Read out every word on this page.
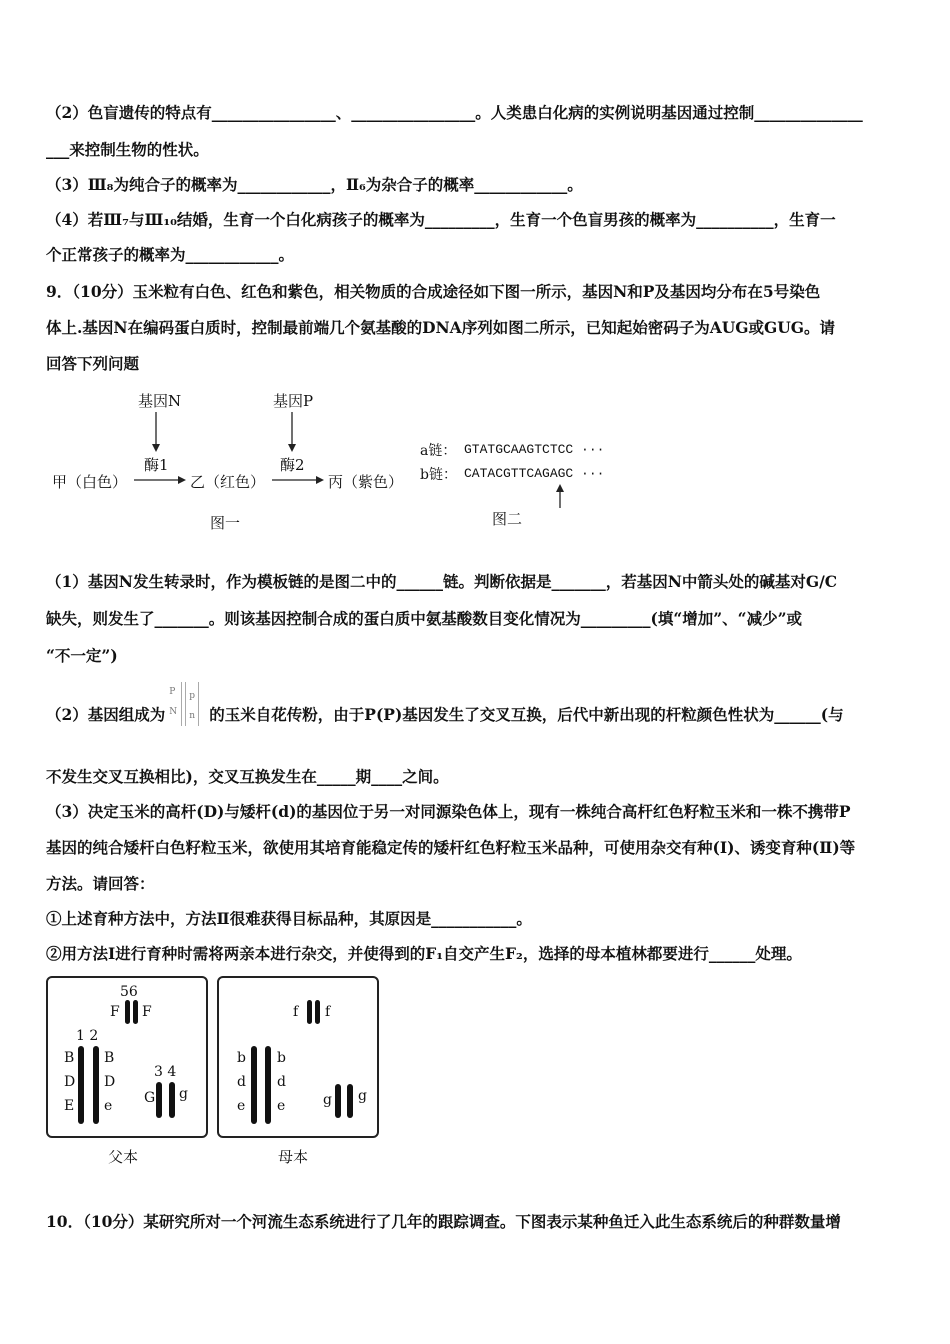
（2）色盲遗传的特点有________________、________________。人类患白化病的实例说明基因通过控制______________
___来控制生物的性状。
（3）Ⅲ₈为纯合子的概率为____________，Ⅱ₆为杂合子的概率____________。
（4）若Ⅲ₇与Ⅲ₁₀结婚，生育一个白化病孩子的概率为_________，生育一个色盲男孩的概率为__________，生育一
个正常孩子的概率为____________。
9．（10分）玉米粒有白色、红色和紫色，相关物质的合成途径如下图一所示，基因N和P及基因均分布在5号染色
体上.基因N在编码蛋白质时，控制最前端几个氨基酸的DNA序列如图二所示，已知起始密码子为AUG或GUG。请
回答下列问题
基因N	基因P
酶1	酶2
甲（白色）	乙（红色）	丙（紫色）
图一
a链： GTATGCAAGTCTCC ···
b链： CATACGTTCAGAGC ···
图二
（1）基因N发生转录时，作为模板链的是图二中的______链。判断依据是_______，若基因N中箭头处的碱基对G/C
缺失，则发生了_______。则该基因控制合成的蛋白质中氨基酸数目变化情况为_________(填“增加”、“减少”或
“不一定”)
（2）基因组成为
P
N
p
n 的玉米自花传粉，由于P(P)基因发生了交叉互换，后代中新出现的杆粒颜色性状为______(与
不发生交叉互换相比)，交叉互换发生在_____期____之间。
（3）决定玉米的高杆(D)与矮杆(d)的基因位于另一对同源染色体上，现有一株纯合高杆红色籽粒玉米和一株不携带P
基因的纯合矮杆白色籽粒玉米，欲使用其培育能稳定传的矮杆红色籽粒玉米品种，可使用杂交有种(I)、诱变育种(Ⅱ)等
方法。请回答：
①上述育种方法中，方法Ⅱ很难获得目标品种，其原因是___________。
②用方法I进行育种时需将两亲本进行杂交，并使得到的F₁自交产生F₂，选择的母本植林都要进行______处理。
56
F F
1 2
B
D
E
B
D
e
3 4
G g
父本
f f
b
d
e
b
d
e	g g
母本
10．（10分）某研究所对一个河流生态系统进行了几年的跟踪调查。下图表示某种鱼迁入此生态系统后的种群数量增
